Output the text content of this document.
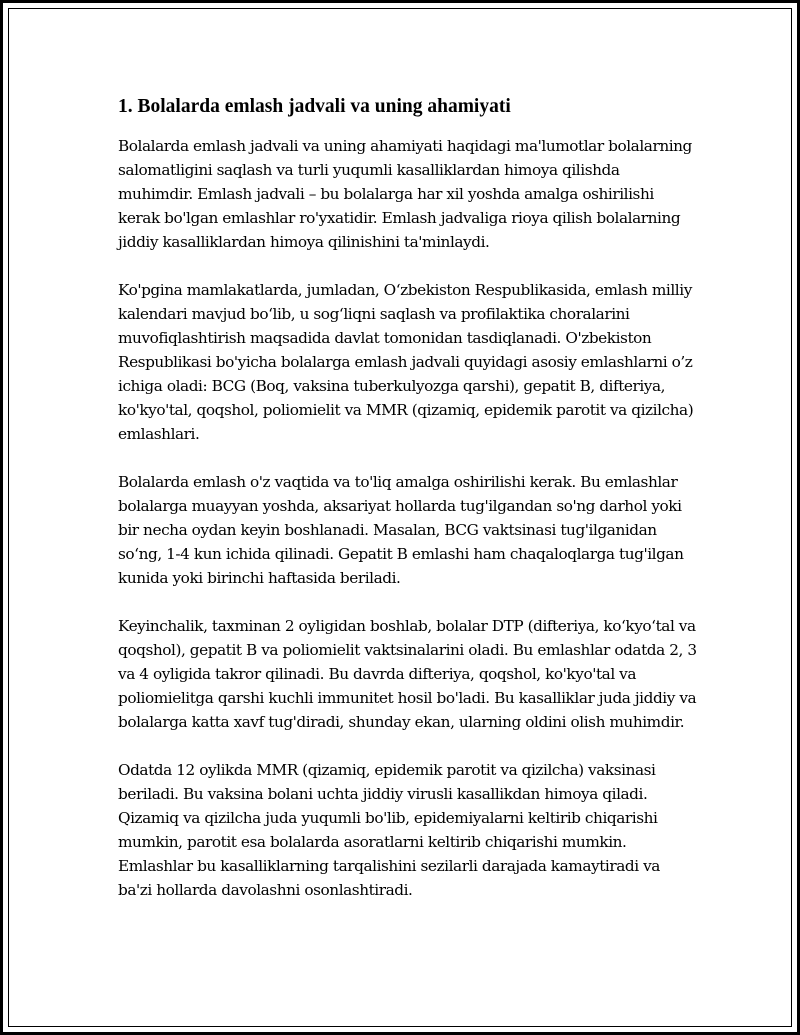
1. Bolalarda emlash jadvali va uning ahamiyati

Bolalarda emlash jadvali va uning ahamiyati haqidagi ma'lumotlar bolalarning salomatligini saqlash va turli yuqumli kasalliklardan himoya qilishda muhimdir. Emlash jadvali – bu bolalarga har xil yoshda amalga oshirilishi kerak bo'lgan emlashlar ro'yxatidir. Emlash jadvaliga rioya qilish bolalarning jiddiy kasalliklardan himoya qilinishini ta'minlaydi.

Ko'pgina mamlakatlarda, jumladan, O‘zbekiston Respublikasida, emlash milliy kalendari mavjud bo‘lib, u sog‘liqni saqlash va profilaktika choralarini muvofiqlashtirish maqsadida davlat tomonidan tasdiqlanadi. O'zbekiston Respublikasi bo'yicha bolalarga emlash jadvali quyidagi asosiy emlashlarni o’z ichiga oladi: BCG (Boq, vaksina tuberkulyozga qarshi), gepatit B, difteriya, ko'kyo'tal, qoqshol, poliomielit va MMR (qizamiq, epidemik parotit va qizilcha) emlashlari.

Bolalarda emlash o'z vaqtida va to'liq amalga oshirilishi kerak. Bu emlashlar bolalarga muayyan yoshda, aksariyat hollarda tug'ilgandan so'ng darhol yoki bir necha oydan keyin boshlanadi. Masalan, BCG vaktsinasi tug'ilganidan so‘ng, 1-4 kun ichida qilinadi. Gepatit B emlashi ham chaqaloqlarga tug'ilgan kunida yoki birinchi haftasida beriladi.

Keyinchalik, taxminan 2 oyligidan boshlab, bolalar DTP (difteriya, ko‘kyo‘tal va qoqshol), gepatit B va poliomielit vaktsinalarini oladi. Bu emlashlar odatda 2, 3 va 4 oyligida takror qilinadi. Bu davrda difteriya, qoqshol, ko'kyo'tal va poliomielitga qarshi kuchli immunitet hosil bo'ladi. Bu kasalliklar juda jiddiy va bolalarga katta xavf tug'diradi, shunday ekan, ularning oldini olish muhimdir.

Odatda 12 oylikda MMR (qizamiq, epidemik parotit va qizilcha) vaksinasi beriladi. Bu vaksina bolani uchta jiddiy virusli kasallikdan himoya qiladi. Qizamiq va qizilcha juda yuqumli bo'lib, epidemiyalarni keltirib chiqarishi mumkin, parotit esa bolalarda asoratlarni keltirib chiqarishi mumkin. Emlashlar bu kasalliklarning tarqalishini sezilarli darajada kamaytiradi va ba'zi hollarda davolashni osonlashtiradi.
